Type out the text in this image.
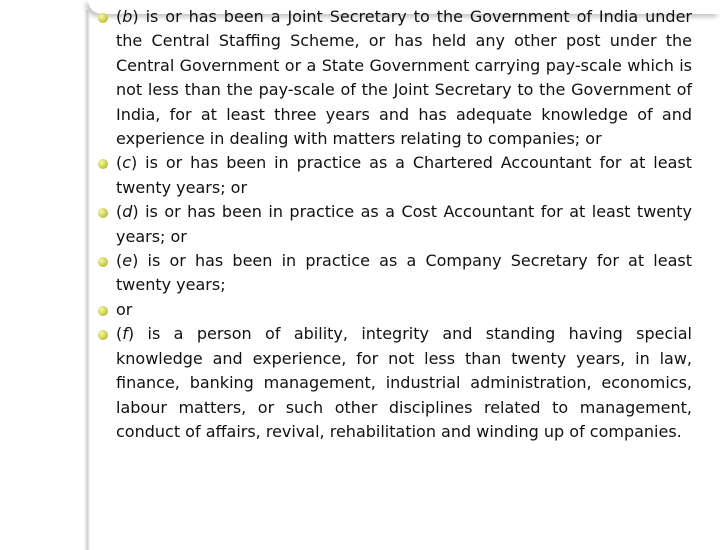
(b) is or has been a Joint Secretary to the Government of India under the Central Staffing Scheme, or has held any other post under the Central Government or a State Government carrying pay-scale which is not less than the pay-scale of the Joint Secretary to the Government of India, for at least three years and has adequate knowledge of and experience in dealing with matters relating to companies; or
(c) is or has been in practice as a Chartered Accountant for at least twenty years; or
(d) is or has been in practice as a Cost Accountant for at least twenty years; or
(e) is or has been in practice as a Company Secretary for at least twenty years;
or
(f) is a person of ability, integrity and standing having special knowledge and experience, for not less than twenty years, in law, finance, banking management, industrial administration, economics, labour matters, or such other disciplines related to management, conduct of affairs, revival, rehabilitation and winding up of companies.
